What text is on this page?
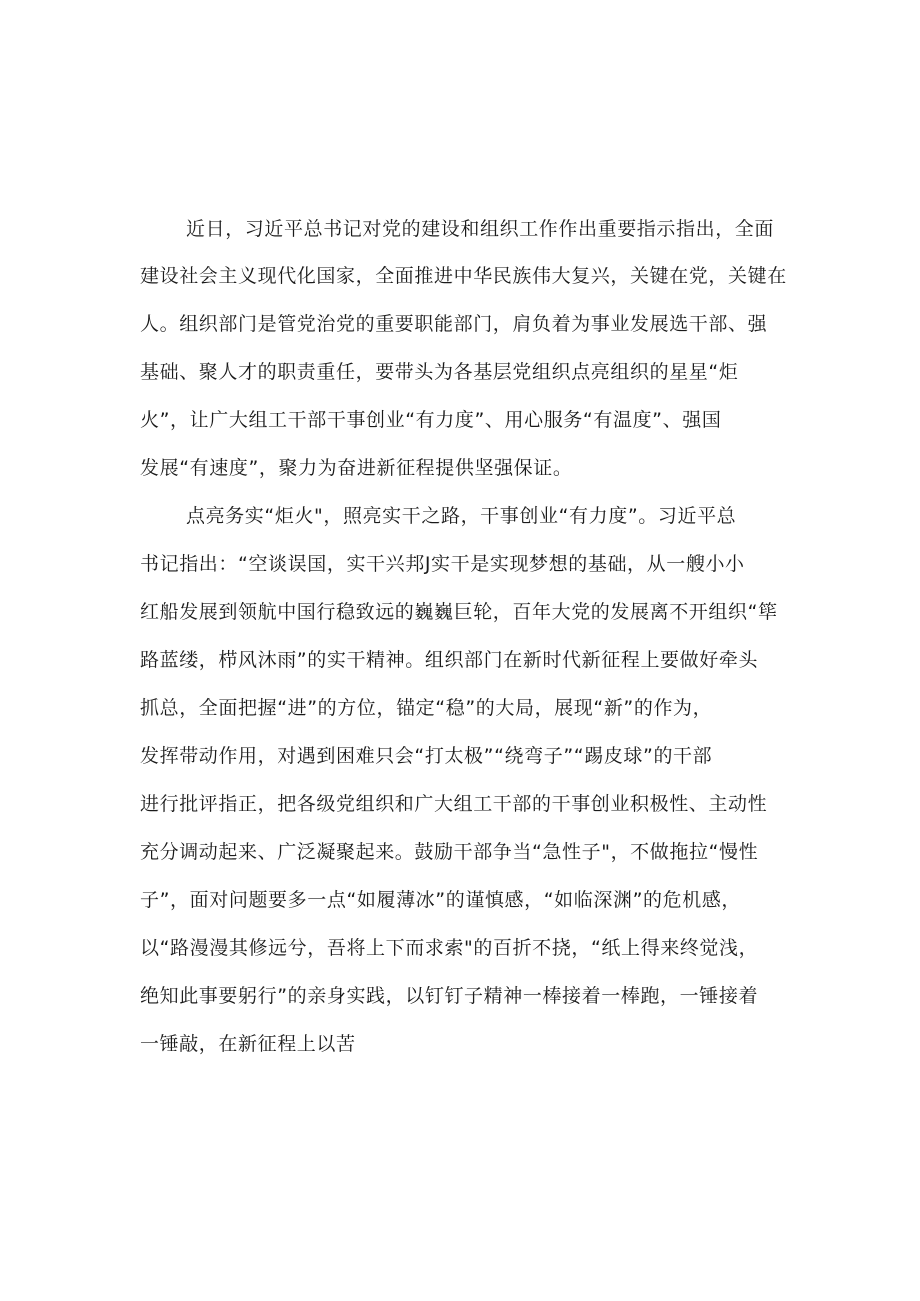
近日，习近平总书记对党的建设和组织工作作出重要指示指出，全面
建设社会主义现代化国家，全面推进中华民族伟大复兴，关键在党，关键在
人。组织部门是管党治党的重要职能部门，肩负着为事业发展选干部、强
基础、聚人才的职责重任，要带头为各基层党组织点亮组织的星星“炬
火”，让广大组工干部干事创业“有力度”、用心服务“有温度”、强国
发展“有速度”，聚力为奋进新征程提供坚强保证。
点亮务实“炬火"，照亮实干之路，干事创业“有力度”。习近平总
书记指出：“空谈误国，实干兴邦J实干是实现梦想的基础，从一艘小小
红船发展到领航中国行稳致远的巍巍巨轮，百年大党的发展离不开组织“筚
路蓝缕，栉风沐雨”的实干精神。组织部门在新时代新征程上要做好牵头
抓总，全面把握“进”的方位，锚定“稳”的大局，展现“新”的作为，
发挥带动作用，对遇到困难只会“打太极”“绕弯子”“踢皮球”的干部
进行批评指正，把各级党组织和广大组工干部的干事创业积极性、主动性
充分调动起来、广泛凝聚起来。鼓励干部争当“急性子"，不做拖拉“慢性
子”，面对问题要多一点“如履薄冰”的谨慎感，“如临深渊”的危机感，
以“路漫漫其修远兮，吾将上下而求索"的百折不挠，“纸上得来终觉浅，
绝知此事要躬行”的亲身实践，以钉钉子精神一棒接着一棒跑，一锤接着
一锤敲，在新征程上以苦
